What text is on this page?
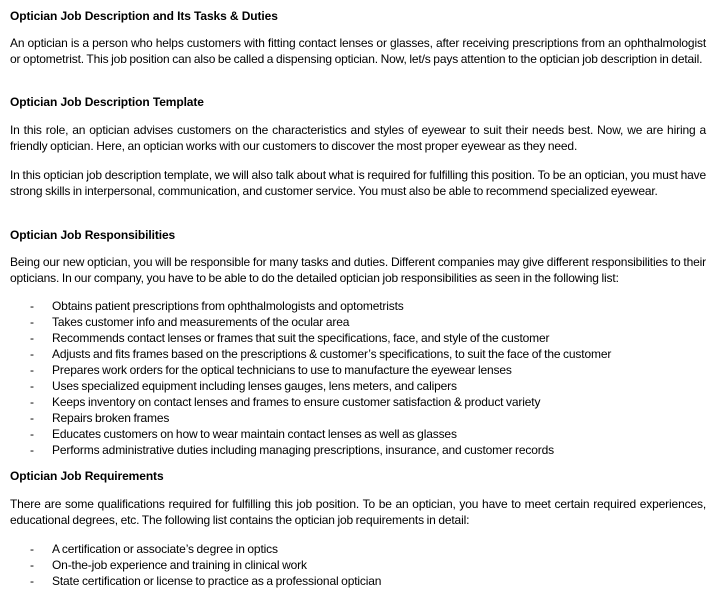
Optician Job Description and Its Tasks & Duties

An optician is a person who helps customers with fitting contact lenses or glasses, after receiving prescriptions from an ophthalmologist or optometrist. This job position can also be called a dispensing optician. Now, let/s pays attention to the optician job description in detail.

Optician Job Description Template

In this role, an optician advises customers on the characteristics and styles of eyewear to suit their needs best. Now, we are hiring a friendly optician. Here, an optician works with our customers to discover the most proper eyewear as they need.

In this optician job description template, we will also talk about what is required for fulfilling this position. To be an optician, you must have strong skills in interpersonal, communication, and customer service. You must also be able to recommend specialized eyewear.

Optician Job Responsibilities

Being our new optician, you will be responsible for many tasks and duties. Different companies may give different responsibilities to their opticians. In our company, you have to be able to do the detailed optician job responsibilities as seen in the following list:

- Obtains patient prescriptions from ophthalmologists and optometrists
- Takes customer info and measurements of the ocular area
- Recommends contact lenses or frames that suit the specifications, face, and style of the customer
- Adjusts and fits frames based on the prescriptions & customer’s specifications, to suit the face of the customer
- Prepares work orders for the optical technicians to use to manufacture the eyewear lenses
- Uses specialized equipment including lenses gauges, lens meters, and calipers
- Keeps inventory on contact lenses and frames to ensure customer satisfaction & product variety
- Repairs broken frames
- Educates customers on how to wear maintain contact lenses as well as glasses
- Performs administrative duties including managing prescriptions, insurance, and customer records
Optician Job Requirements

There are some qualifications required for fulfilling this job position. To be an optician, you have to meet certain required experiences, educational degrees, etc. The following list contains the optician job requirements in detail:

- A certification or associate’s degree in optics
- On-the-job experience and training in clinical work
- State certification or license to practice as a professional optician
